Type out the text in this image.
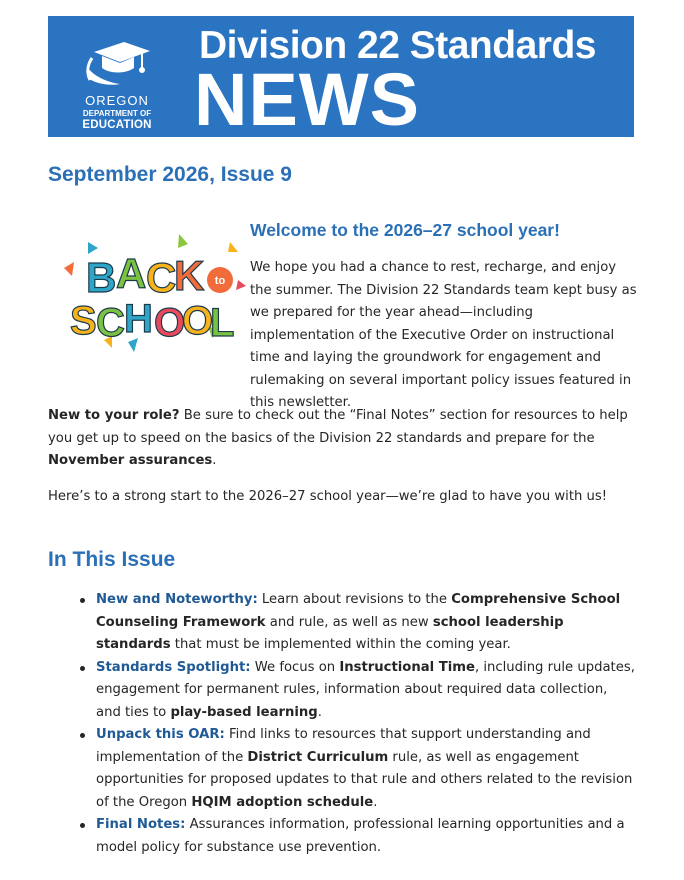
OREGON
DEPARTMENT OF
EDUCATION
Division 22 Standards
NEWS
September 2026, Issue 9
B A C
K to
S C H O
O
L
Welcome to the 2026–27 school year!

We hope you had a chance to rest, recharge, and enjoy the summer. The Division 22 Standards team kept busy as we prepared for the year ahead—including implementation of the Executive Order on instructional time and laying the groundwork for engagement and rulemaking on several important policy issues featured in this newsletter.

New to your role? Be sure to check out the “Final Notes” section for resources to help you get up to speed on the basics of the Division 22 standards and prepare for the November assurances.

Here’s to a strong start to the 2026–27 school year—we’re glad to have you with us!

In This Issue
New and Noteworthy: Learn about revisions to the Comprehensive School Counseling Framework and rule, as well as new school leadership standards that must be implemented within the coming year.
Standards Spotlight: We focus on Instructional Time, including rule updates, engagement for permanent rules, information about required data collection, and ties to play-based learning.
Unpack this OAR: Find links to resources that support understanding and implementation of the District Curriculum rule, as well as engagement opportunities for proposed updates to that rule and others related to the revision of the Oregon HQIM adoption schedule.
Final Notes: Assurances information, professional learning opportunities and a model policy for substance use prevention.
